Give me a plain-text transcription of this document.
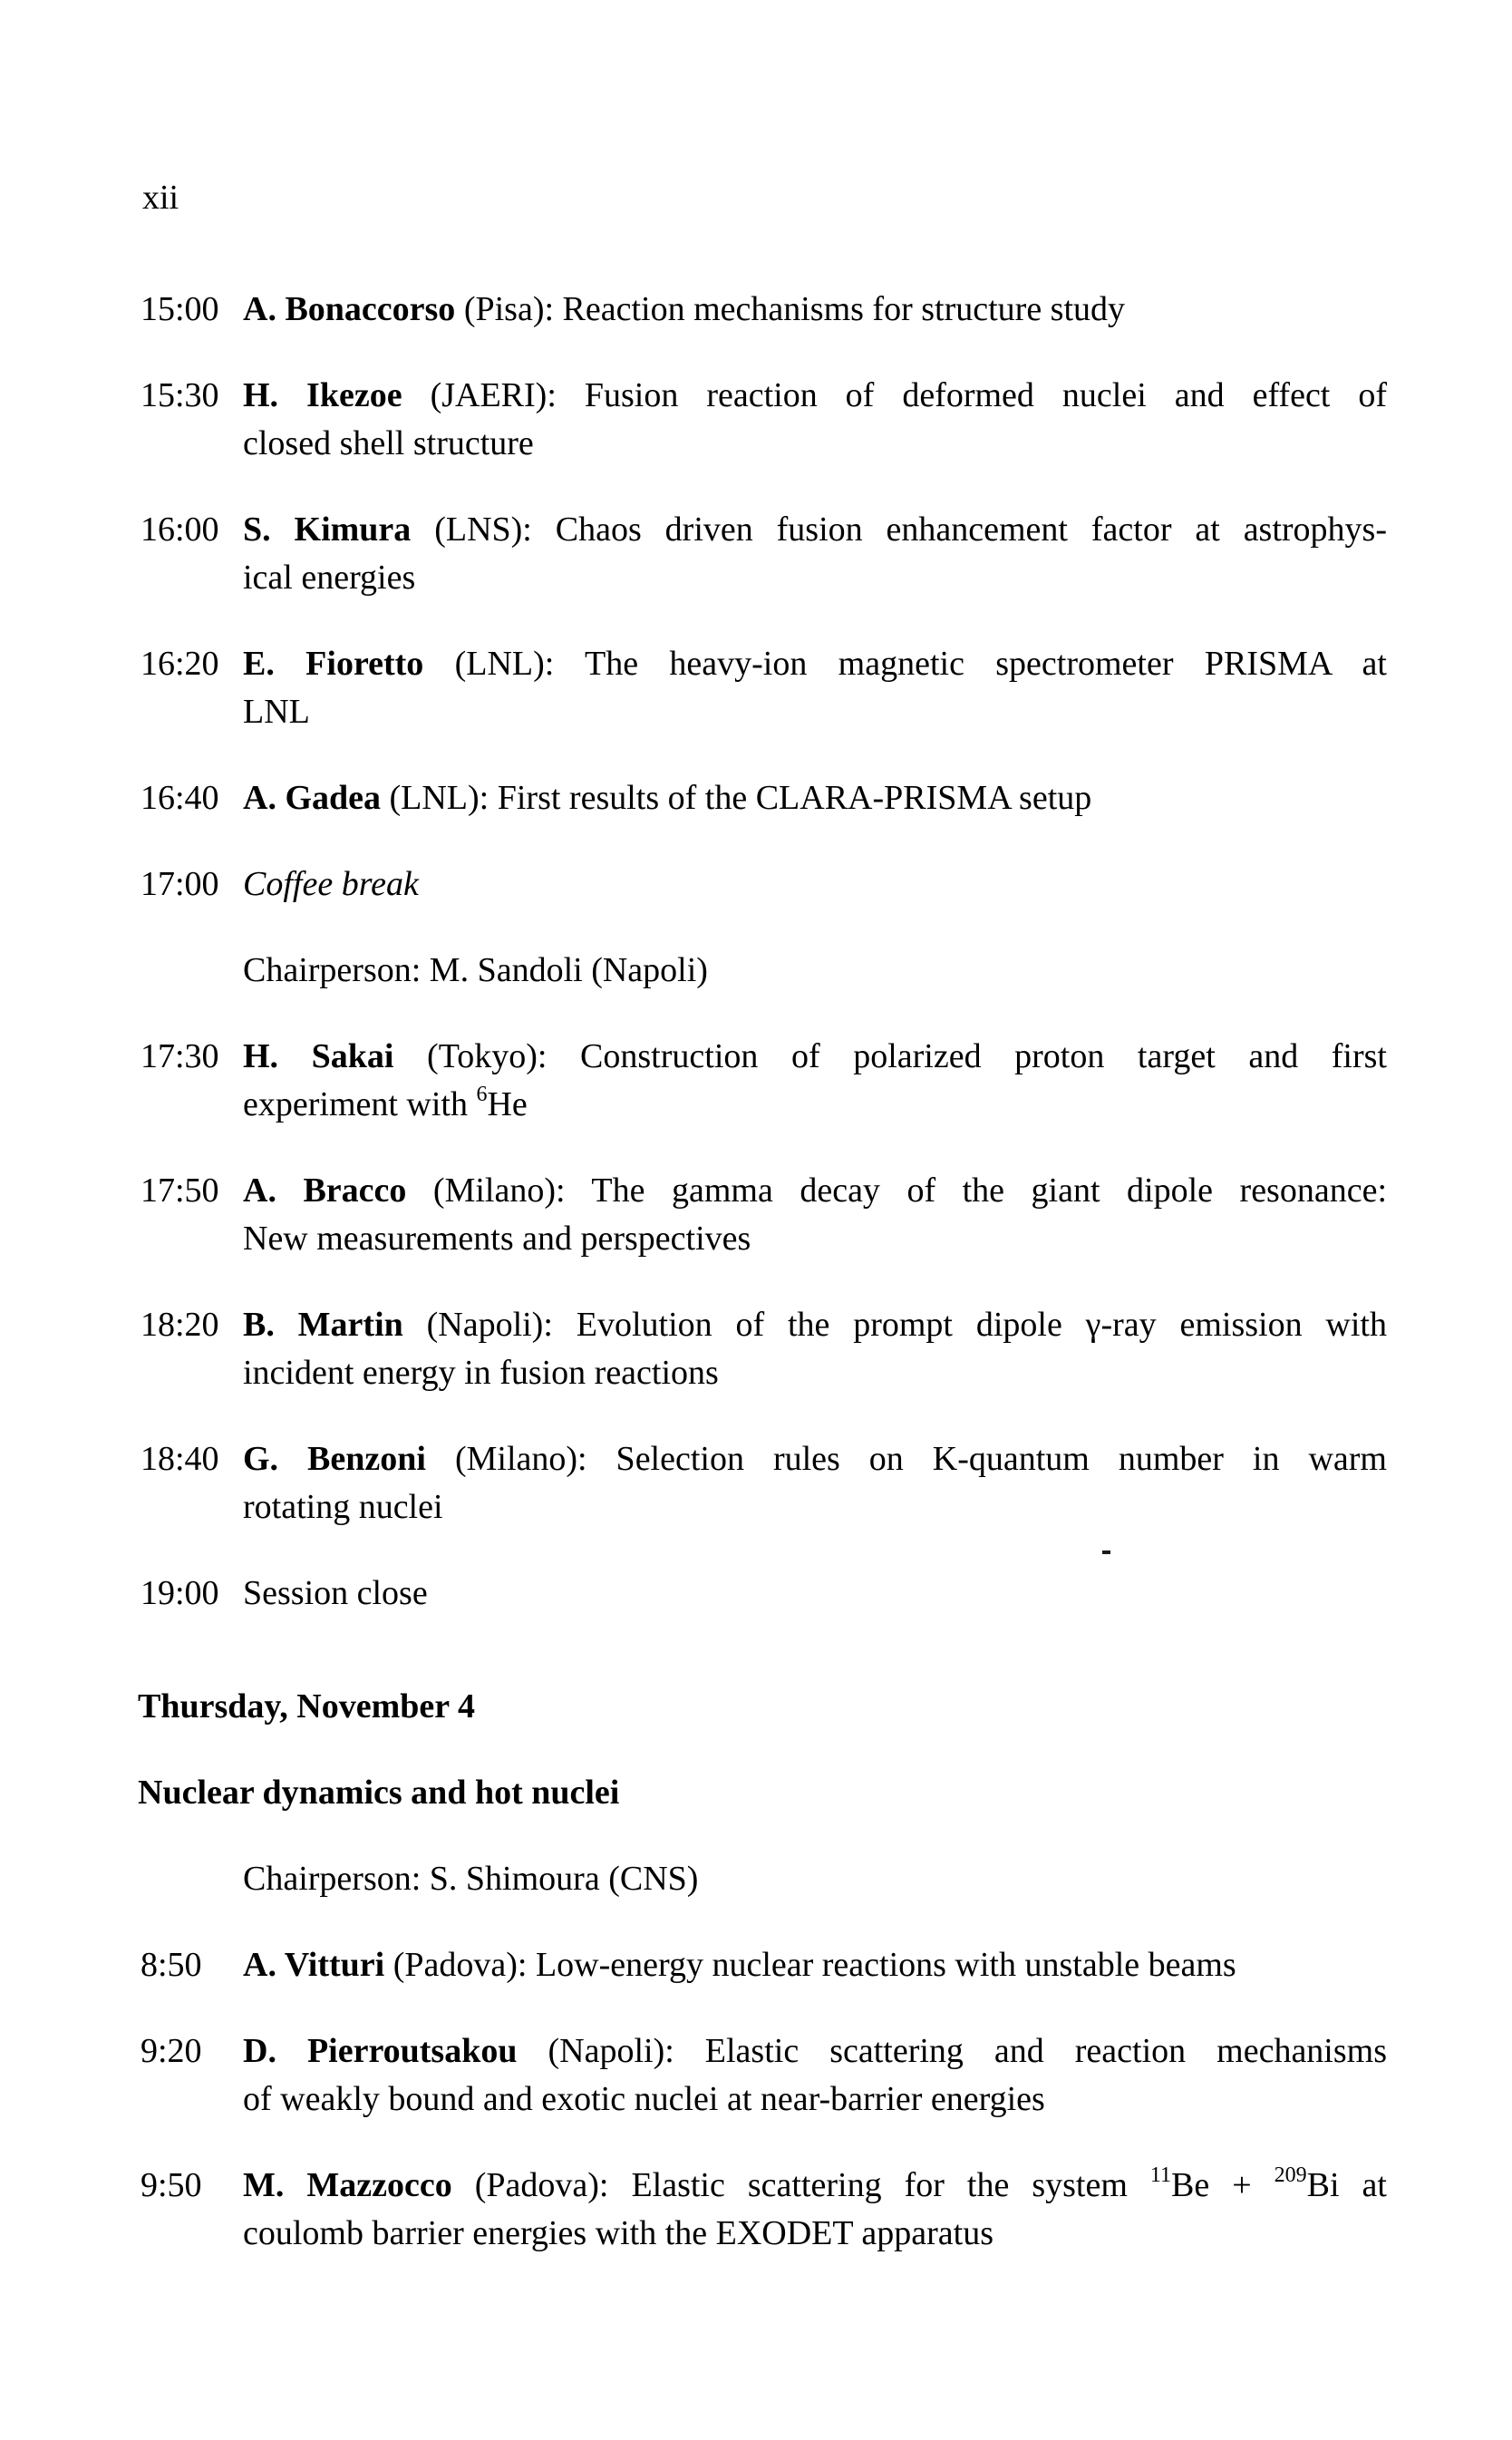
xii
15:00 A. Bonaccorso (Pisa): Reaction mechanisms for structure study
15:30 H. Ikezoe (JAERI): Fusion reaction of deformed nuclei and effect of
closed shell structure
16:00 S. Kimura (LNS): Chaos driven fusion enhancement factor at astrophys-
ical energies
16:20 E. Fioretto (LNL): The heavy-ion magnetic spectrometer PRISMA at
LNL
16:40 A. Gadea (LNL): First results of the CLARA-PRISMA setup
17:00 Coffee break
Chairperson: M. Sandoli (Napoli)
17:30 H. Sakai (Tokyo): Construction of polarized proton target and first
experiment with $^6$He
17:50 A. Bracco (Milano): The gamma decay of the giant dipole resonance:
New measurements and perspectives
18:20 B. Martin (Napoli): Evolution of the prompt dipole γ-ray emission with
incident energy in fusion reactions
18:40 G. Benzoni (Milano): Selection rules on K-quantum number in warm
rotating nuclei
19:00 Session close
Thursday, November 4
Nuclear dynamics and hot nuclei
Chairperson: S. Shimoura (CNS)
8:50	A. Vitturi (Padova): Low-energy nuclear reactions with unstable beams
9:20	D. Pierroutsakou (Napoli): Elastic scattering and reaction mechanisms
of weakly bound and exotic nuclei at near-barrier energies
9:50	M. Mazzocco (Padova): Elastic scattering for the system $^{11}$Be + $^{209}$Bi at
coulomb barrier energies with the EXODET apparatus
